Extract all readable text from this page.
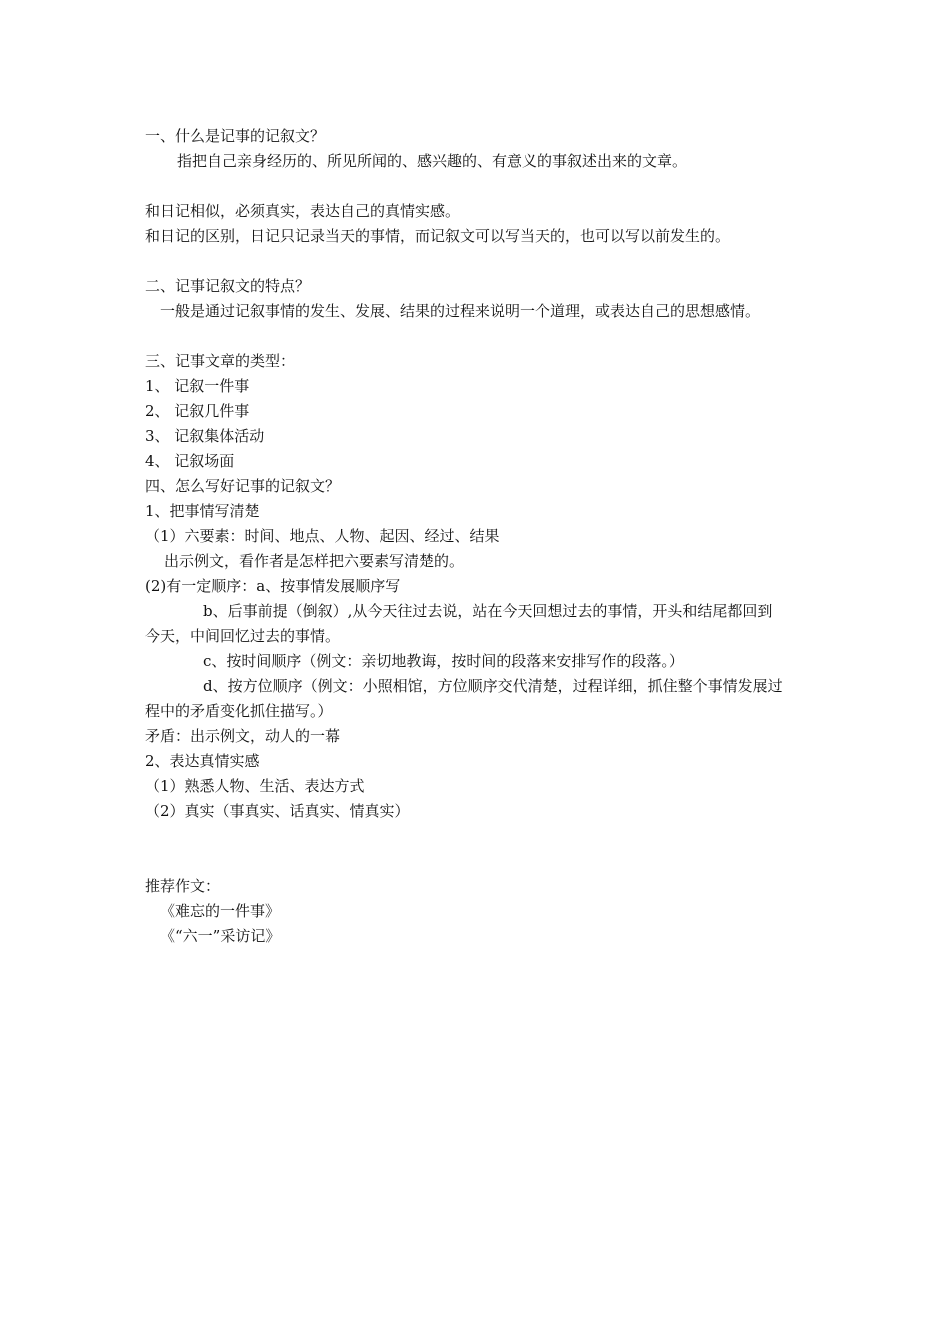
一、什么是记事的记叙文？
指把自己亲身经历的、所见所闻的、感兴趣的、有意义的事叙述出来的文章。
和日记相似，必须真实，表达自己的真情实感。
和日记的区别，日记只记录当天的事情，而记叙文可以写当天的，也可以写以前发生的。
二、记事记叙文的特点？
一般是通过记叙事情的发生、发展、结果的过程来说明一个道理，或表达自己的思想感情。
三、记事文章的类型：
1、 记叙一件事
2、 记叙几件事
3、 记叙集体活动
4、 记叙场面
四、怎么写好记事的记叙文？
1、把事情写清楚
（1）六要素：时间、地点、人物、起因、经过、结果
出示例文，看作者是怎样把六要素写清楚的。
(2)有一定顺序：a、按事情发展顺序写
b、后事前提（倒叙）,从今天往过去说，站在今天回想过去的事情，开头和结尾都回到
今天，中间回忆过去的事情。
c、按时间顺序（例文：亲切地教诲，按时间的段落来安排写作的段落。）
d、按方位顺序（例文：小照相馆，方位顺序交代清楚，过程详细，抓住整个事情发展过
程中的矛盾变化抓住描写。）
矛盾：出示例文，动人的一幕
2、表达真情实感
（1）熟悉人物、生活、表达方式
（2）真实（事真实、话真实、情真实）
推荐作文：
《难忘的一件事》
《“六一”采访记》
